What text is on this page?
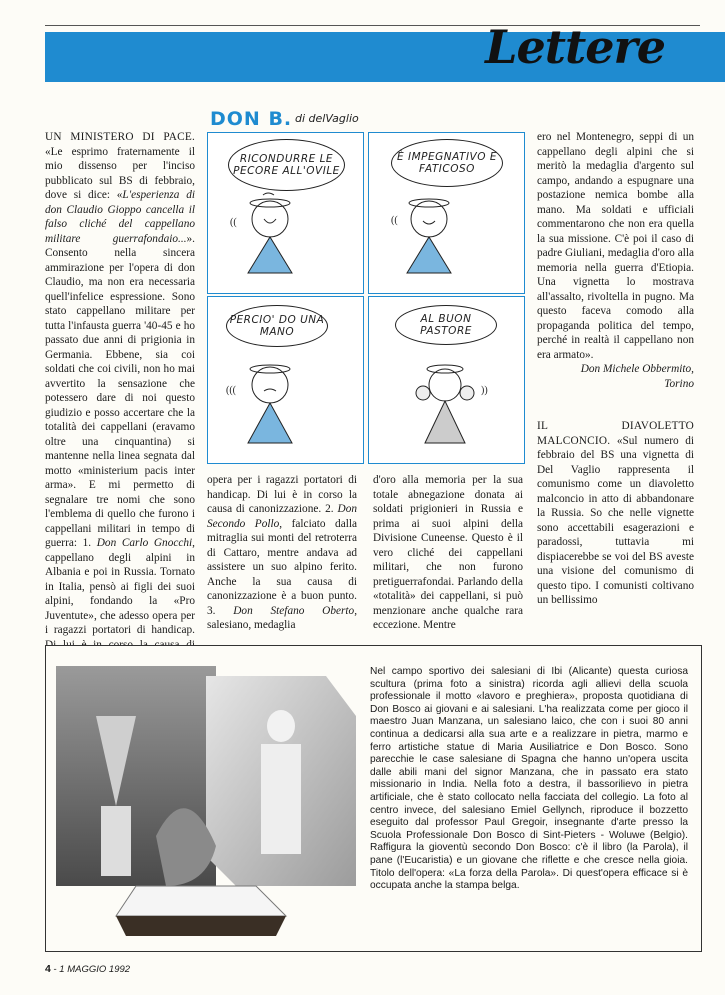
Lettere

UN MINISTERO DI PACE. «Le esprimo fraternamente il mio dissenso per l'inciso pubblicato sul BS di febbraio, dove si dice: «L'esperienza di don Claudio Gioppo cancella il falso cliché del cappellano militare guerrafondaio...». Consento nella sincera ammirazione per l'opera di don Claudio, ma non era necessaria quell'infelice espressione. Sono stato cappellano militare per tutta l'infausta guerra '40-45 e ho passato due anni di prigionia in Germania. Ebbene, sia coi soldati che coi civili, non ho mai avvertito la sensazione che potessero dare di noi questo giudizio e posso accertare che la totalità dei cappellani (eravamo oltre una cinquantina) si mantenne nella linea segnata dal motto «ministerium pacis inter arma». E mi permetto di segnalare tre nomi che sono l'emblema di quello che furono i cappellani militari in tempo di guerra: 1. Don Carlo Gnocchi, cappellano degli alpini in Albania e poi in Russia. Tornato in Italia, pensò ai figli dei suoi alpini, fondando la «Pro Juventute», che adesso opera per i ragazzi portatori di handicap.

DON B. di delVaglio
RICONDURRE LE PECORE ALL'OVILE
((
È IMPEGNATIVO E FATICOSO
((
PERCIO' DO UNA MANO
(((
AL BUON PASTORE
))

opera per i ragazzi portatori di handicap. Di lui è in corso la causa di canonizzazione. 2. Don Secondo Pollo, falciato dalla mitraglia sui monti del retroterra di Cattaro, mentre andava ad assistere un suo alpino ferito. Anche la sua causa di canonizzazione è a buon punto. 3. Don Stefano Oberto, salesiano, medaglia

d'oro alla memoria per la sua totale abnegazione donata ai soldati prigionieri in Russia e prima ai suoi alpini della Divisione Cuneense. Questo è il vero cliché dei cappellani militari, che non furono pretiguerrafondai. Parlando della «totalità» dei cappellani, si può menzionare anche qualche rara eccezione. Mentre

ero nel Montenegro, seppi di un cappellano degli alpini che si meritò la medaglia d'argento sul campo, andando a espugnare una postazione nemica bombe alla mano. Ma soldati e ufficiali commentarono che non era quella la sua missione. C'è poi il caso di padre Giuliani, medaglia d'oro alla memoria nella guerra d'Etiopia. Una vignetta lo mostrava all'assalto, rivoltella in pugno. Ma questo faceva comodo alla propaganda politica del tempo, perché in realtà il cappellano non era armato».

Don Michele Obbermito,

Torino

IL DIAVOLETTO MALCONCIO. «Sul numero di febbraio del BS una vignetta di Del Vaglio rappresenta il comunismo come un diavoletto malconcio in atto di abbandonare la Russia. So che nelle vignette sono accettabili esagerazioni e paradossi, tuttavia mi dispiacerebbe se voi del BS aveste una visione del comunismo di questo tipo. I comunisti coltivano un bellissimo

Nel campo sportivo dei salesiani di Ibi (Alicante) questa curiosa scultura (prima foto a sinistra) ricorda agli allievi della scuola professionale il motto «lavoro e preghiera», proposta quotidiana di Don Bosco ai giovani e ai salesiani. L'ha realizzata come per gioco il maestro Juan Manzana, un salesiano laico, che con i suoi 80 anni continua a dedicarsi alla sua arte e a realizzare in pietra, marmo e ferro artistiche statue di Maria Ausiliatrice e Don Bosco. Sono parecchie le case salesiane di Spagna che hanno un'opera uscita dalle abili mani del signor Manzana, che in passato era stato missionario in India. Nella foto a destra, il bassorilievo in pietra artificiale, che è stato collocato nella facciata del collegio. La foto al centro invece, del salesiano Emiel Gellynch, riproduce il bozzetto eseguito dal professor Paul Gregoir, insegnante d'arte presso la Scuola Professionale Don Bosco di Sint-Pieters - Woluwe (Belgio). Raffigura la gioventù secondo Don Bosco: c'è il libro (la Parola), il pane (l'Eucaristia) e un giovane che riflette e che cresce nella gioia. Titolo dell'opera: «La forza della Parola». Di quest'opera efficace si è occupata anche la stampa belga.

4 - 1 MAGGIO 1992
